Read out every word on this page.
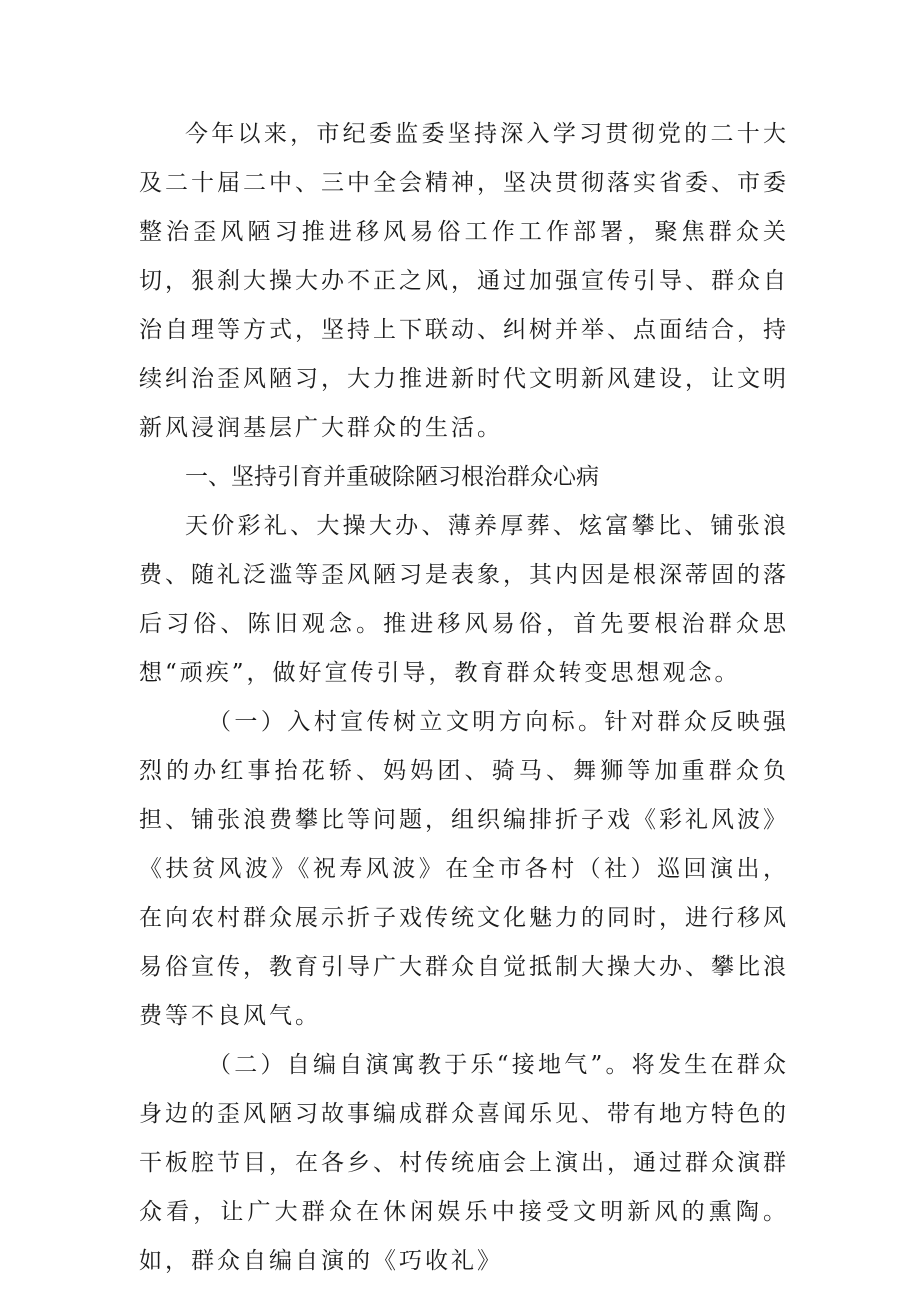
今年以来，市纪委监委坚持深入学习贯彻党的二十大及二十届二中、三中全会精神，坚决贯彻落实省委、市委整治歪风陋习推进移风易俗工作工作部署，聚焦群众关切，狠刹大操大办不正之风，通过加强宣传引导、群众自治自理等方式，坚持上下联动、纠树并举、点面结合，持续纠治歪风陋习，大力推进新时代文明新风建设，让文明新风浸润基层广大群众的生活。

一、坚持引育并重破除陋习根治群众心病

天价彩礼、大操大办、薄养厚葬、炫富攀比、铺张浪费、随礼泛滥等歪风陋习是表象，其内因是根深蒂固的落后习俗、陈旧观念。推进移风易俗，首先要根治群众思想“顽疾”，做好宣传引导，教育群众转变思想观念。

（一）入村宣传树立文明方向标。针对群众反映强烈的办红事抬花轿、妈妈团、骑马、舞狮等加重群众负担、铺张浪费攀比等问题，组织编排折子戏《彩礼风波》《扶贫风波》《祝寿风波》在全市各村（社）巡回演出，在向农村群众展示折子戏传统文化魅力的同时，进行移风易俗宣传，教育引导广大群众自觉抵制大操大办、攀比浪费等不良风气。

（二）自编自演寓教于乐“接地气”。将发生在群众身边的歪风陋习故事编成群众喜闻乐见、带有地方特色的干板腔节目，在各乡、村传统庙会上演出，通过群众演群众看，让广大群众在休闲娱乐中接受文明新风的熏陶。如，群众自编自演的《巧收礼》
